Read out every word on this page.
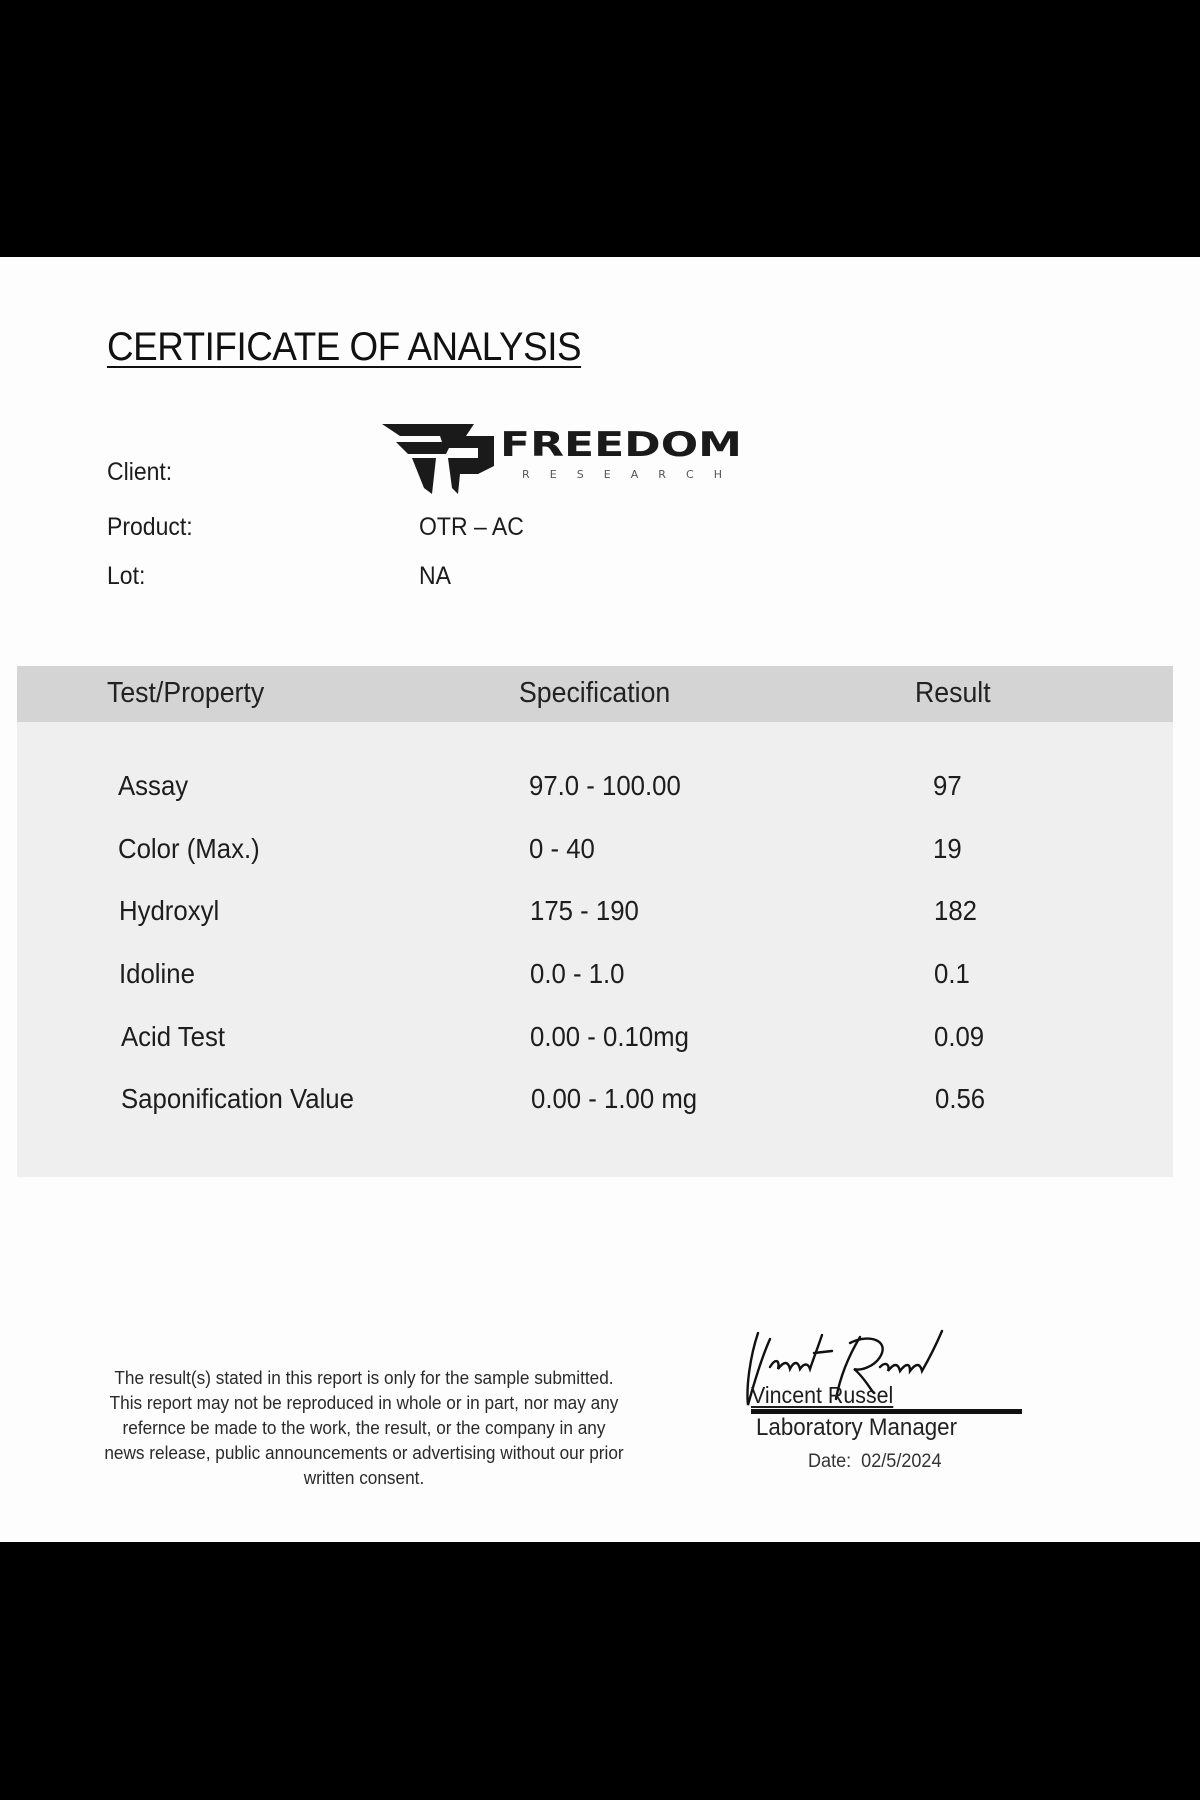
CERTIFICATE OF ANALYSIS
FREEDOM
R E S E A R C H
Client:
Product:	OTR – AC
Lot:	NA
Test/Property	Specification	Result
Assay	97.0 - 100.00	97
Color (Max.)	0 - 40	19
Hydroxyl	175 - 190	182
Idoline	0.0 - 1.0	0.1
Acid Test	0.00 - 0.10mg	0.09
Saponification Value	0.00 - 1.00 mg	0.56
The result(s) stated in this report is only for the sample submitted. This report may not be reproduced in whole or in part, nor may any refernce be made to the work, the result, or the company in any news release, public announcements or advertising without our prior written consent.
Vincent Russel
Laboratory Manager
Date: 02/5/2024
